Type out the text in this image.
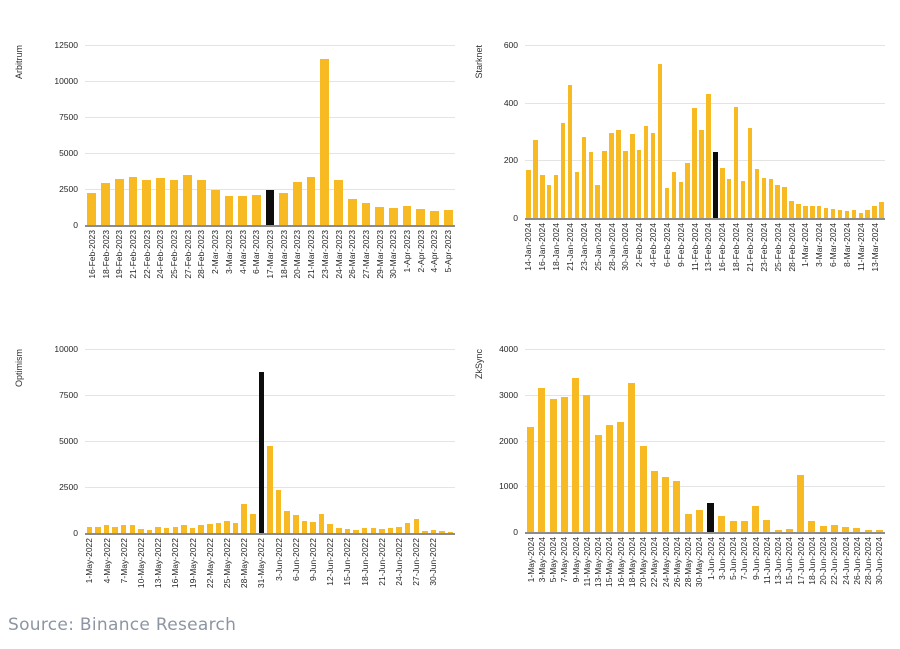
Arbitrum
0
2500
5000
7500
10000
12500
16-Feb-2023 18-Feb-2023 19-Feb-2023 21-Feb-2023 22-Feb-2023 24-Feb-2023 25-Feb-2023 27-Feb-2023 28-Feb-2023 2-Mar-2023 3-Mar-2023 4-Mar-2023 6-Mar-2023 17-Mar-2023 18-Mar-2023 20-Mar-2023 21-Mar-2023 23-Mar-2023 24-Mar-2023 26-Mar-2023 27-Mar-2023 29-Mar-2023 30-Mar-2023 1-Apr-2023 2-Apr-2023 4-Apr-2023 5-Apr-2023
Starknet
0
200
400
600
14-Jan-2024 16-Jan-2024 18-Jan-2024 21-Jan-2024 23-Jan-2024 25-Jan-2024 28-Jan-2024 30-Jan-2024 2-Feb-2024 4-Feb-2024 6-Feb-2024 9-Feb-2024 11-Feb-2024 13-Feb-2024 16-Feb-2024 18-Feb-2024 21-Feb-2024 23-Feb-2024 25-Feb-2024 28-Feb-2024 1-Mar-2024 3-Mar-2024 6-Mar-2024 8-Mar-2024 11-Mar-2024 13-Mar-2024
Optimism
0
2500
5000
7500
10000
1-May-2022 4-May-2022 7-May-2022 10-May-2022 13-May-2022 16-May-2022 19-May-2022 22-May-2022 25-May-2022 28-May-2022 31-May-2022 3-Jun-2022 6-Jun-2022 9-Jun-2022 12-Jun-2022 15-Jun-2022 18-Jun-2022 21-Jun-2022 24-Jun-2022 27-Jun-2022 30-Jun-2022
ZkSync
0
1000
2000
3000
4000
1-May-2024 3-May-2024 5-May-2024 7-May-2024 9-May-2024 11-May-2024 13-May-2024 15-May-2024 16-May-2024 18-May-2024 20-May-2024 22-May-2024 24-May-2024 26-May-2024 28-May-2024 30-May-2024 1-Jun-2024 3-Jun-2024 5-Jun-2024 7-Jun-2024 9-Jun-2024 11-Jun-2024 13-Jun-2024 15-Jun-2024 17-Jun-2024 18-Jun-2024 20-Jun-2024 22-Jun-2024 24-Jun-2024 26-Jun-2024 28-Jun-2024 30-Jun-2024
Source: Binance Research
